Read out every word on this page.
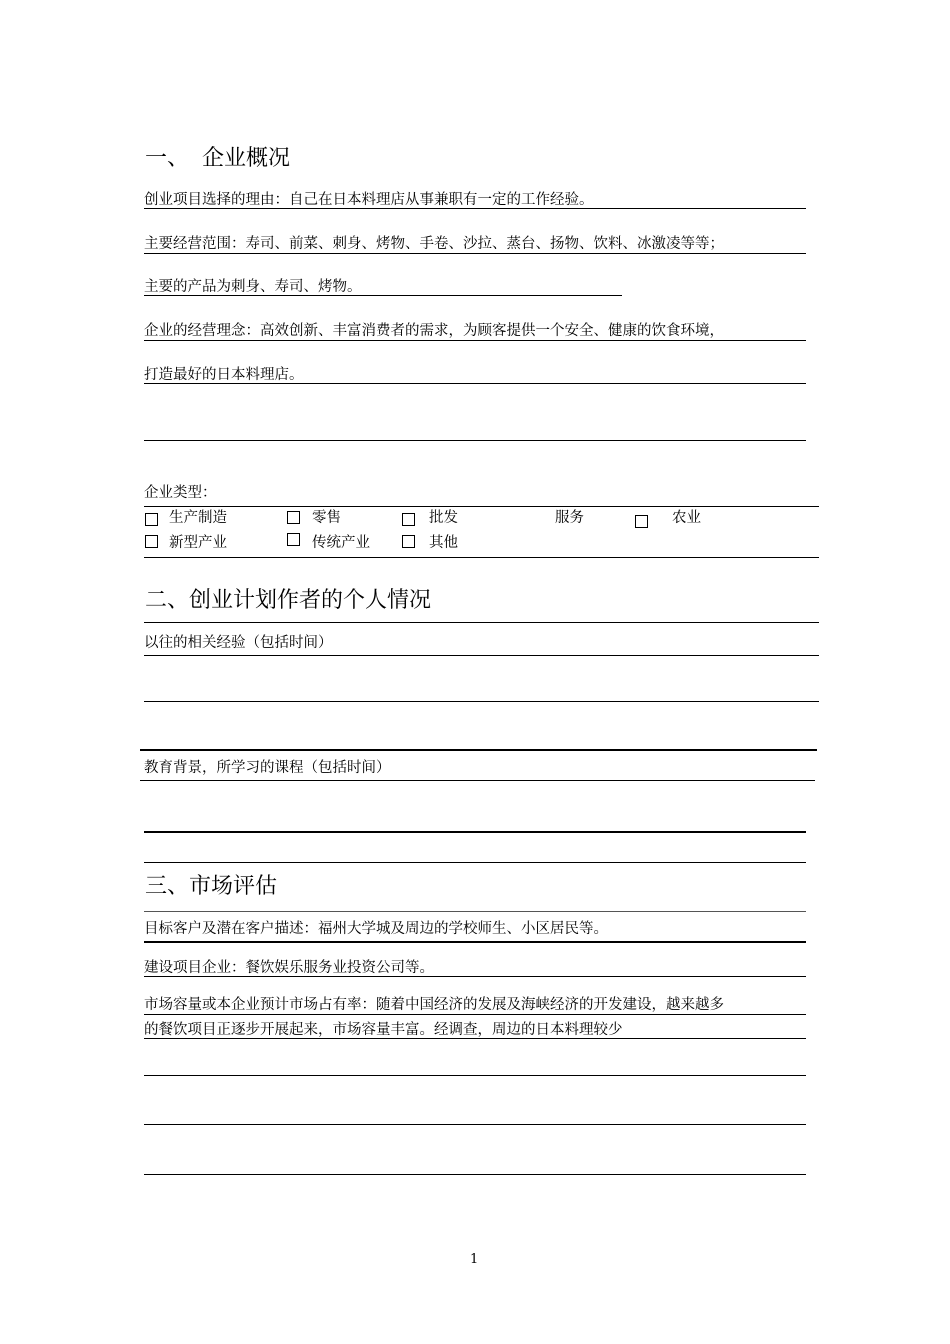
一、 企业概况
创业项目选择的理由：自己在日本料理店从事兼职有一定的工作经验。
主要经营范围：寿司、前菜、刺身、烤物、手卷、沙拉、蒸台、扬物、饮料、冰激凌等等；
主要的产品为刺身、寿司、烤物。
企业的经营理念：高效创新、丰富消费者的需求，为顾客提供一个安全、健康的饮食环境，
打造最好的日本料理店。
企业类型：
生产制造	零售	批发	服务	农业
新型产业	传统产业	其他
二、创业计划作者的个人情况
以往的相关经验（包括时间）
教育背景，所学习的课程（包括时间）
三、市场评估
目标客户及潜在客户描述：福州大学城及周边的学校师生、小区居民等。
建设项目企业：餐饮娱乐服务业投资公司等。
市场容量或本企业预计市场占有率：随着中国经济的发展及海峡经济的开发建设，越来越多
的餐饮项目正逐步开展起来，市场容量丰富。经调查，周边的日本料理较少
1
